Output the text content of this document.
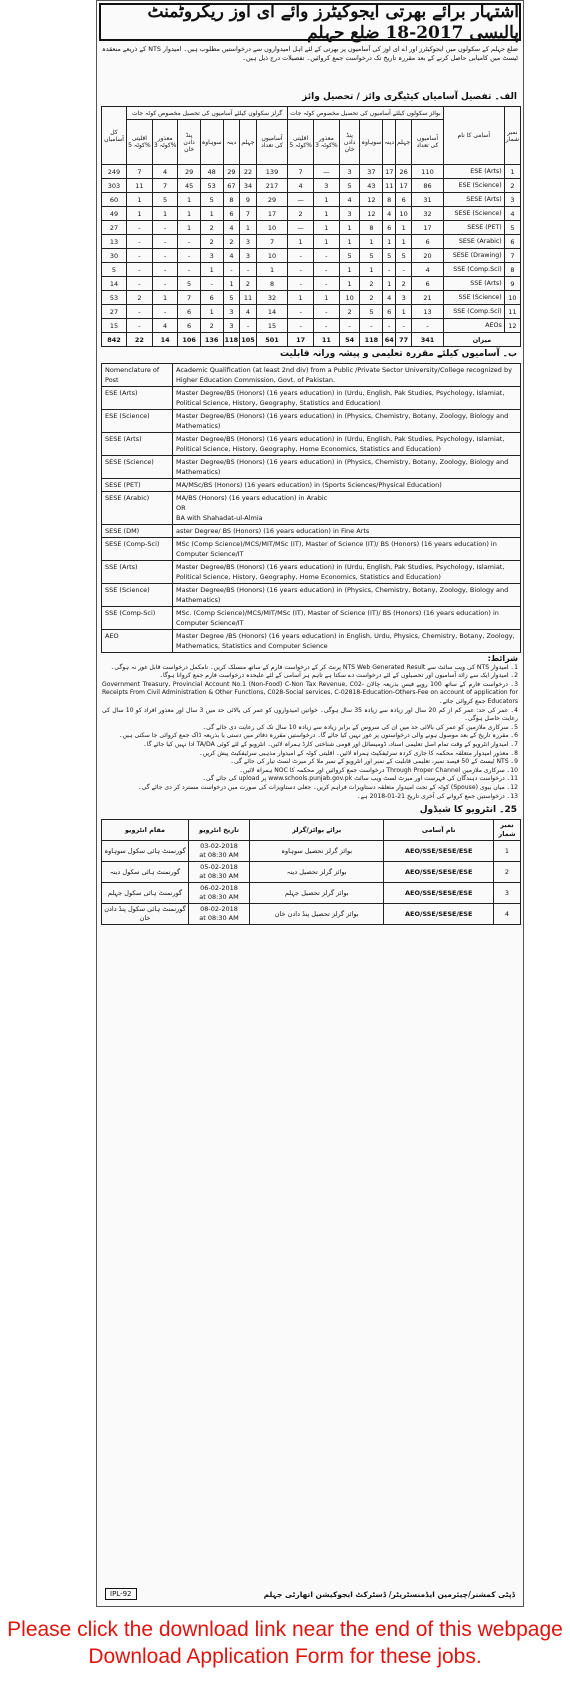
اشتہار برائے بھرتی ایجوکیٹرز وائے ای اوز ریکروٹمنٹ پالیسی 2017-18 ضلع جہلم
ضلع جہلم کے سکولوں میں ایجوکیٹرز اور اے ای اوز کی آسامیوں پر بھرتی کے لئے اہل امیدواروں سے درخواستیں مطلوب ہیں۔ امیدوار NTS کے ذریعے منعقدہ ٹیسٹ میں کامیابی حاصل کرنے کے بعد مقررہ تاریخ تک درخواست جمع کروائیں۔ تفصیلات درج ذیل ہیں۔
الف۔ تفصیل آسامیاں کیٹیگری وائز / تحصیل وائز
کل آسامیاں	گرلز سکولوں کیلئے آسامیوں کی تحصیل مخصوص کوٹہ جات							بوائز سکولوں کیلئے آسامیوں کی تحصیل مخصوص کوٹہ جات							آسامی کا نام	نمبر شمار
	اقلیتی کوٹہ 5%	معذور کوٹہ 3%	پنڈ دادن خان	سوہاوہ	دینہ	جہلم	آسامیوں کی تعداد	اقلیتی کوٹہ 5%	معذور کوٹہ 3%	پنڈ دادن خان	سوہاوہ	دینہ	جہلم	آسامیوں کی تعداد		
249	7	4	29	48	29	22	139	7	—	3	37	17	26	110	ESE (Arts)	1
303	11	7	45	53	67	34	217	4	3	5	43	11	17	86	ESE (Science)	2
60	1	5	1	5	8	9	29	—	1	4	12	8	6	31	SESE (Arts)	3
49	1	1	1	1	6	7	17	2	1	3	12	4	10	32	SESE (Science)	4
27	-	-	1	2	4	1	10	—	1	1	8	6	1	17	SESE (PET)	5
13	-	-	-	2	2	3	7	1	1	1	1	1	1	6	SESE (Arabic)	6
30	-	-	-	3	4	3	10	-	-	5	5	5	5	20	SESE (Drawing)	7
5	-	-	-	1	-	-	1	-	-	1	1	-	-	4	SSE (Comp.Sci)	8
14	-	-	5	-	1	2	8	-	-	1	2	1	2	6	SSE (Arts)	9
53	2	1	7	6	5	11	32	1	1	10	2	4	3	21	SSE (Science)	10
27	-	-	6	1	3	4	14	-	-	2	5	6	1	13	SSE (Comp.Sci)	11
15	-	4	6	2	3	-	15	-	-	-	-	-	-	-	AEOs	12
842	22	14	106	136	118	105	501	17	11	54	118	64	77	341	میزان	
ب۔ آسامیوں کیلئے مقررہ تعلیمی و پیشہ ورانہ قابلیت
Nomenclature of Post	Academic Qualification (at least 2nd div) from a Public /Private Sector University/College recognized by Higher Education Commission, Govt. of Pakistan.
ESE (Arts)	Master Degree/BS (Honors) (16 years education) in (Urdu, English, Pak Studies, Psychology, Islamiat, Political Science, History, Geography, Statistics and Education)
ESE (Science)	Master Degree/BS (Honors) (16 years education) in (Physics, Chemistry, Botany, Zoology, Biology and Mathematics)
SESE (Arts)	Master Degree/BS (Honors) (16 years education) in (Urdu, English, Pak Studies, Psychology, Islamiat, Political Science, History, Geography, Home Economics, Statistics and Education)
SESE (Science)	Master Degree/BS (Honors) (16 years education) in (Physics, Chemistry, Botany, Zoology, Biology and Mathematics)
SESE (PET)	MA/MSc/BS (Honors) (16 years education) in (Sports Sciences/Physical Education)
SESE (Arabic)	MA/BS (Honors) (16 years education) in Arabic
OR
BA with Shahadat-ul-Almia
SESE (DM)	aster Degree/ BS (Honors) (16 years education) in Fine Arts
SESE (Comp-Sci)	MSc (Comp Science)/MCS/MIT/MSc (IT), Master of Science (IT)/ BS (Honors) (16 years education) in Computer Science/IT
SSE (Arts)	Master Degree/BS (Honors) (16 years education) in (Urdu, English, Pak Studies, Psychology, Islamiat, Political Science, History, Geography, Home Economics, Statistics and Education)
SSE (Science)	Master Degree/BS (Honors) (16 years education) in (Physics, Chemistry, Botany, Zoology, Biology and Mathematics)
SSE (Comp-Sci)	MSc. (Comp Science)/MCS/MIT/MSc (IT), Master of Science (IT)/ BS (Honors) (16 years education) in Computer Science/IT
AEO	Master Degree /BS (Honors) (16 years education) in English, Urdu, Physics, Chemistry, Botany, Zoology, Mathematics, Statistics and Computer Science
شرائط:

1۔ امیدوار NTS کی ویب سائٹ سے NTS Web Generated Result پرنٹ کر کے درخواست فارم کے ساتھ منسلک کریں۔ نامکمل درخواست قابل غور نہ ہوگی۔

2۔ امیدوار ایک سے زائد آسامیوں اور تحصیلوں کے لئے درخواست دے سکتا ہے تاہم ہر آسامی کے لئے علیحدہ درخواست فارم جمع کروانا ہوگا۔

3۔ درخواست فارم کے ساتھ 100 روپے فیس بذریعہ چالان Government Treasury, Provincial Account No.1 (Non-Food) C-Non Tax Revenue, C02-Receipts From Civil Administration & Other Functions, C028-Social services, C-02818-Education-Others-Fee on account of application for Educators جمع کروائی جائے۔

4۔ عمر کی حد: عمر کم از کم 20 سال اور زیادہ سے زیادہ 35 سال ہوگی۔ خواتین امیدواروں کو عمر کی بالائی حد میں 3 سال اور معذور افراد کو 10 سال کی رعایت حاصل ہوگی۔

5۔ سرکاری ملازمین کو عمر کی بالائی حد میں ان کی سروس کے برابر زیادہ سے زیادہ 10 سال تک کی رعایت دی جائے گی۔

6۔ مقررہ تاریخ کے بعد موصول ہونے والی درخواستوں پر غور نہیں کیا جائے گا۔ درخواستیں مقررہ دفاتر میں دستی یا بذریعہ ڈاک جمع کروائی جا سکتی ہیں۔

7۔ امیدوار انٹرویو کے وقت تمام اصل تعلیمی اسناد، ڈومیسائل اور قومی شناختی کارڈ ہمراہ لائیں۔ انٹرویو کے لئے کوئی TA/DA ادا نہیں کیا جائے گا۔

8۔ معذور امیدوار متعلقہ محکمہ کا جاری کردہ سرٹیفکیٹ ہمراہ لائیں۔ اقلیتی کوٹہ کے امیدوار مذہبی سرٹیفکیٹ پیش کریں۔

9۔ NTS ٹیسٹ کے 50 فیصد نمبر، تعلیمی قابلیت کے نمبر اور انٹرویو کے نمبر ملا کر میرٹ لسٹ تیار کی جائے گی۔

10۔ سرکاری ملازمین Through Proper Channel درخواست جمع کروائیں اور محکمہ کا NOC ہمراہ لائیں۔

11۔ درخواست دہندگان کی فہرست اور میرٹ لسٹ ویب سائٹ www.schools.punjab.gov.pk پر upload کی جائے گی۔

12۔ میاں بیوی (Spouse) کوٹہ کے تحت امیدوار متعلقہ دستاویزات فراہم کریں۔ جعلی دستاویزات کی صورت میں درخواست مسترد کر دی جائے گی۔

13۔ درخواستیں جمع کروانے کی آخری تاریخ 21-01-2018 ہے۔

25۔ انٹرویو کا شیڈول
مقام انٹرویو	تاریخ انٹرویو	برائے بوائز/گرلز	نام آسامی	نمبر شمار
گورنمنٹ ہائی سکول سوہاوہ	03-02-2018
at 08:30 AM	بوائز گرلز تحصیل سوہاوہ	AEO/SSE/SESE/ESE	1
گورنمنٹ ہائی سکول دینہ	05-02-2018
at 08:30 AM	بوائز گرلز تحصیل دینہ	AEO/SSE/SESE/ESE	2
گورنمنٹ ہائی سکول جہلم	06-02-2018
at 08:30 AM	بوائز گرلز تحصیل جہلم	AEO/SSE/SESE/ESE	3
گورنمنٹ ہائی سکول پنڈ دادن خان	08-02-2018
at 08:30 AM	بوائز گرلز تحصیل پنڈ دادن خان	AEO/SSE/SESE/ESE	4
IPL-92	ڈپٹی کمشنر/چیئرمین ایڈمنسٹریٹر/ ڈسٹرکٹ ایجوکیشن اتھارٹی جہلم
Please click the download link near the end of this webpage
Download Application Form for these jobs.
